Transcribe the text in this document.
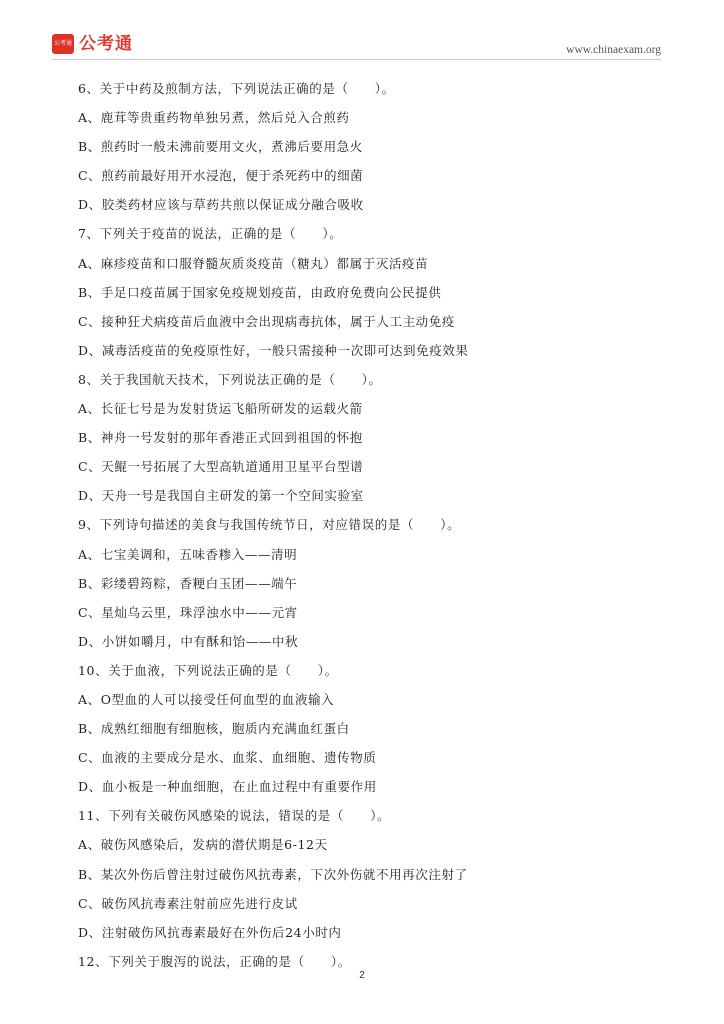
公考通 公考通	www.chinaexam.org
6、关于中药及煎制方法，下列说法正确的是（　　）。
A、鹿茸等贵重药物单独另煮，然后兑入合煎药
B、煎药时一般未沸前要用文火，煮沸后要用急火
C、煎药前最好用开水浸泡，便于杀死药中的细菌
D、胶类药材应该与草药共煎以保证成分融合吸收
7、下列关于疫苗的说法，正确的是（　　）。
A、麻疹疫苗和口服脊髓灰质炎疫苗（糖丸）都属于灭活疫苗
B、手足口疫苗属于国家免疫规划疫苗，由政府免费向公民提供
C、接种狂犬病疫苗后血液中会出现病毒抗体，属于人工主动免疫
D、减毒活疫苗的免疫原性好，一般只需接种一次即可达到免疫效果
8、关于我国航天技术，下列说法正确的是（　　）。
A、长征七号是为发射货运飞船所研发的运载火箭
B、神舟一号发射的那年香港正式回到祖国的怀抱
C、天鲲一号拓展了大型高轨道通用卫星平台型谱
D、天舟一号是我国自主研发的第一个空间实验室
9、下列诗句描述的美食与我国传统节日，对应错误的是（　　）。
A、七宝美调和，五味香糁入——清明
B、彩缕碧筠粽，香粳白玉团——端午
C、星灿乌云里，珠浮浊水中——元宵
D、小饼如嚼月，中有酥和饴——中秋
10、关于血液，下列说法正确的是（　　）。
A、O型血的人可以接受任何血型的血液输入
B、成熟红细胞有细胞核，胞质内充满血红蛋白
C、血液的主要成分是水、血浆、血细胞、遗传物质
D、血小板是一种血细胞，在止血过程中有重要作用
11、下列有关破伤风感染的说法，错误的是（　　）。
A、破伤风感染后，发病的潜伏期是6-12天
B、某次外伤后曾注射过破伤风抗毒素，下次外伤就不用再次注射了
C、破伤风抗毒素注射前应先进行皮试
D、注射破伤风抗毒素最好在外伤后24小时内
12、下列关于腹泻的说法，正确的是（　　）。
2
